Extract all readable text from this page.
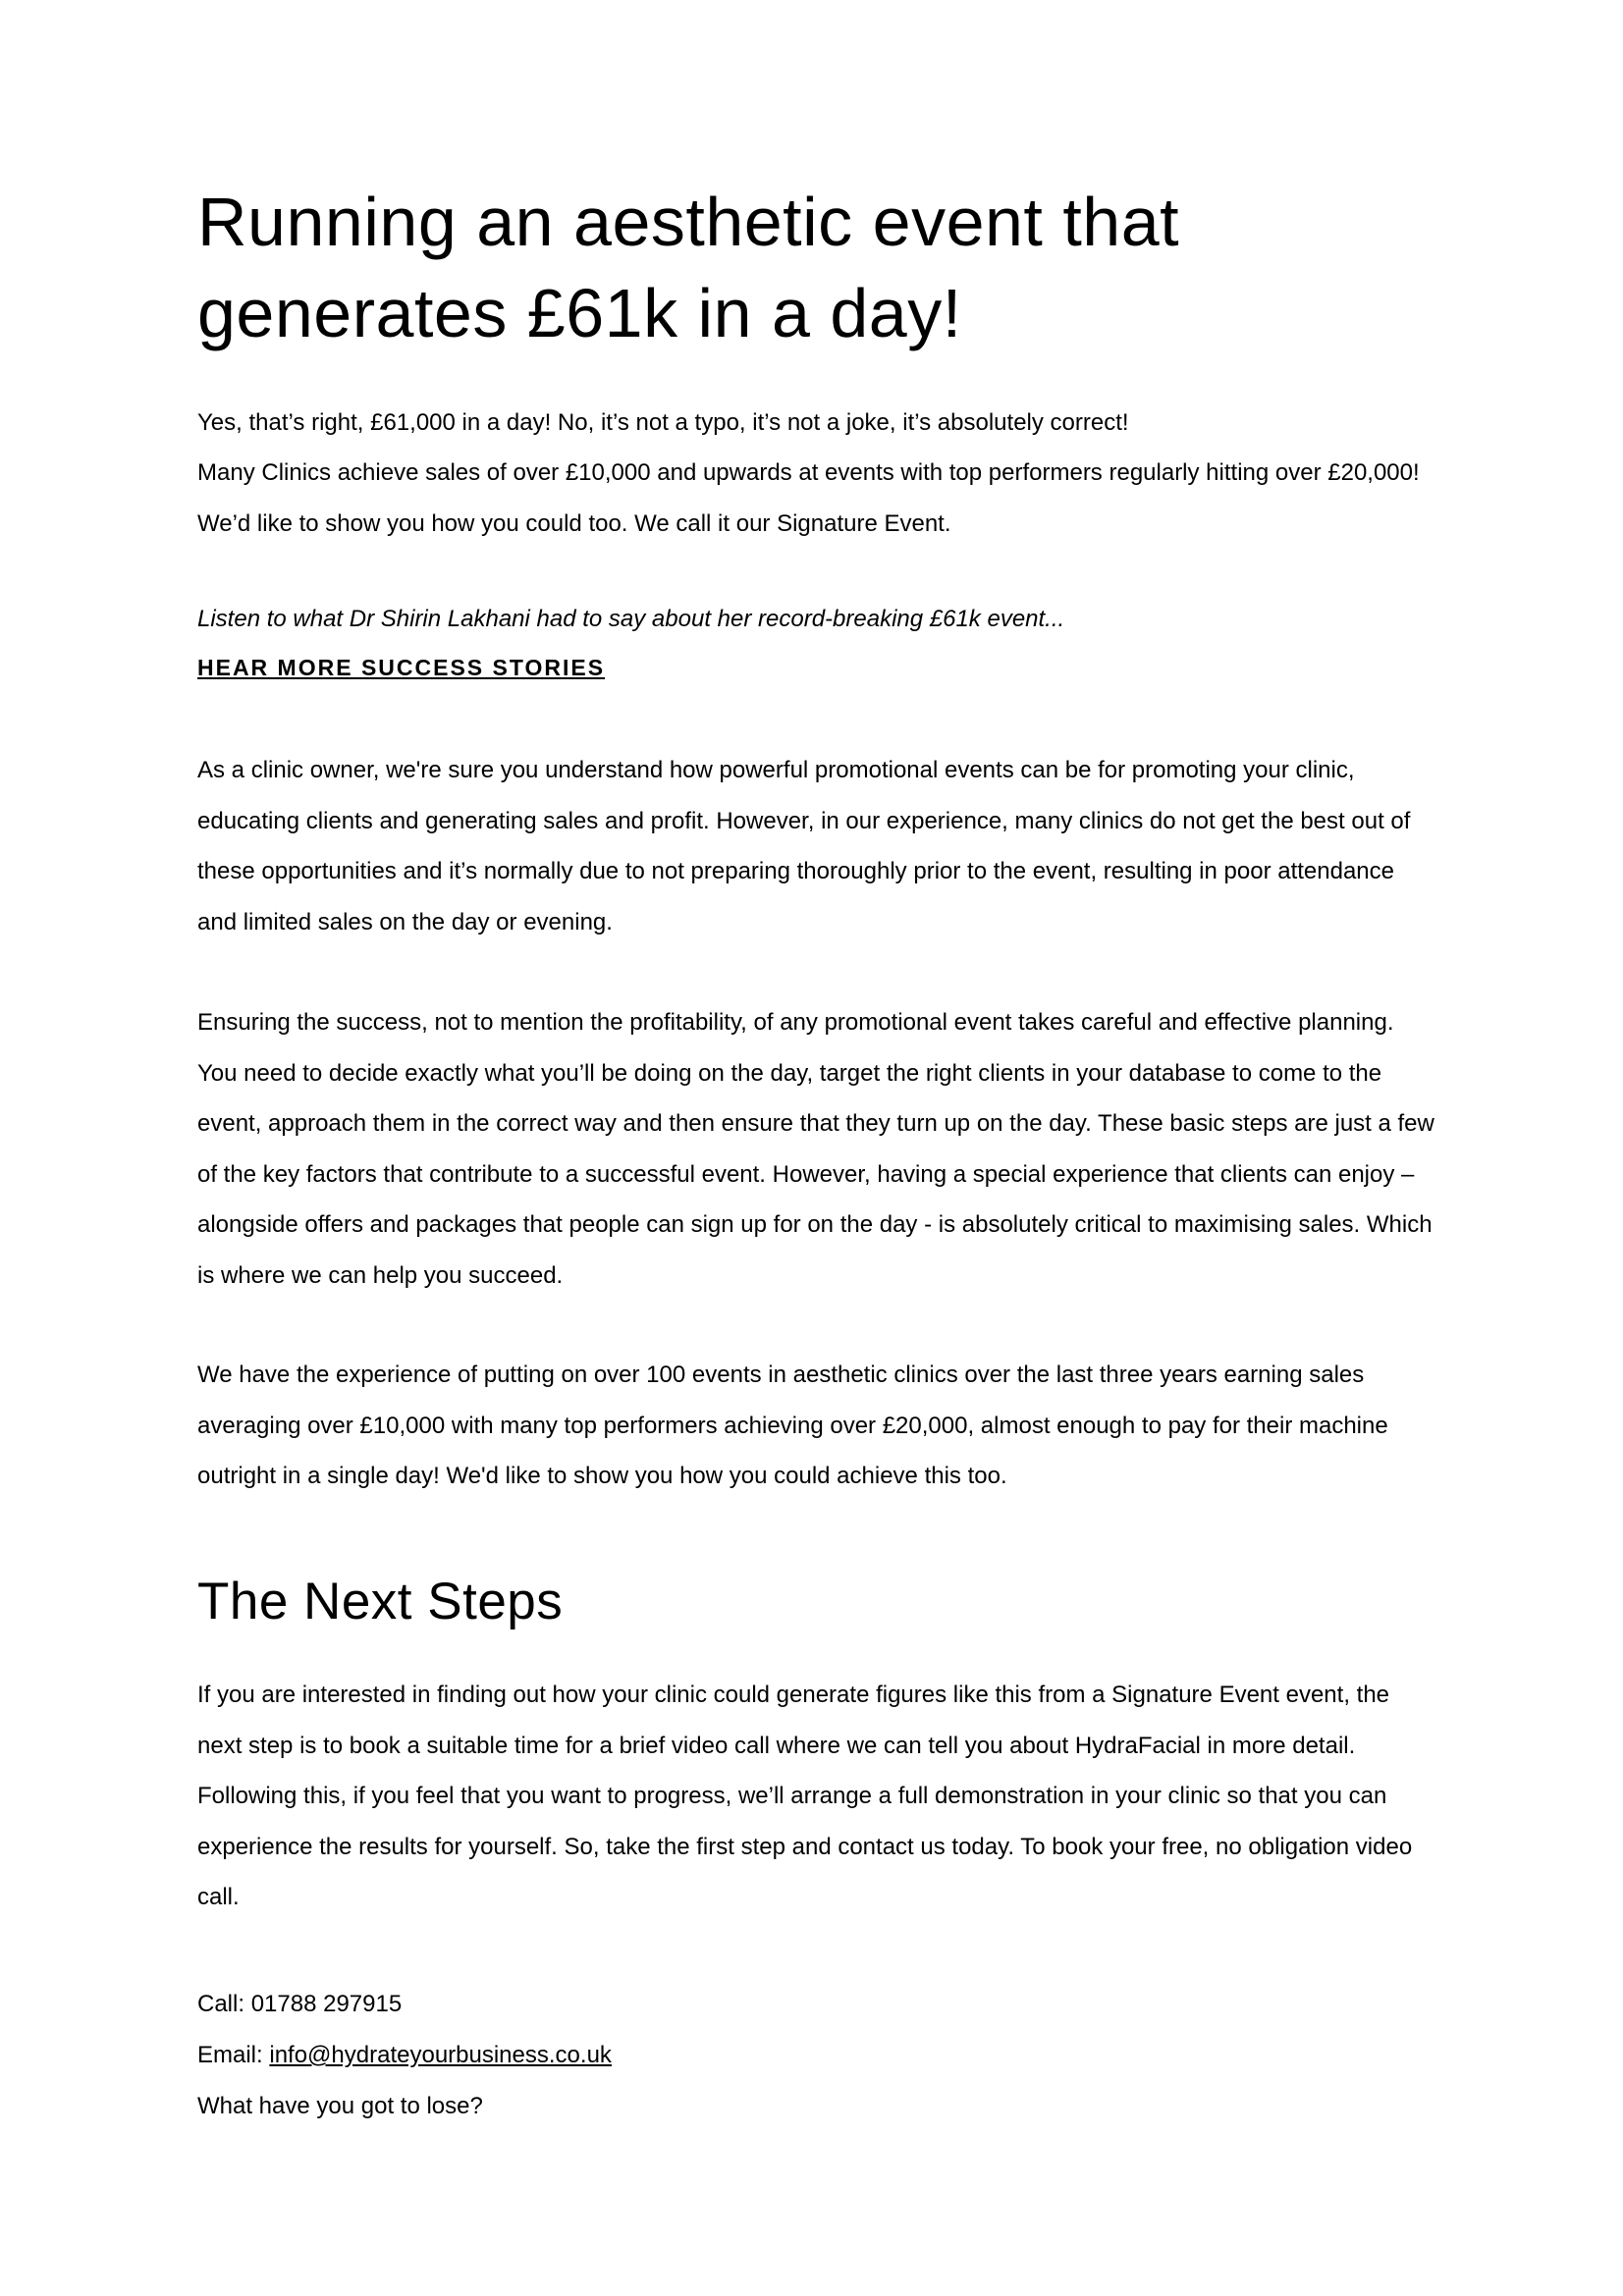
Running an aesthetic event that generates £61k in a day!

Yes, that’s right, £61,000 in a day! No, it’s not a typo, it’s not a joke, it’s absolutely correct!

Many Clinics achieve sales of over £10,000 and upwards at events with top performers regularly hitting over £20,000! We’d like to show you how you could too. We call it our Signature Event.

Listen to what Dr Shirin Lakhani had to say about her record-breaking £61k event...

HEAR MORE SUCCESS STORIES

As a clinic owner, we're sure you understand how powerful promotional events can be for promoting your clinic, educating clients and generating sales and profit. However, in our experience, many clinics do not get the best out of these opportunities and it’s normally due to not preparing thoroughly prior to the event, resulting in poor attendance and limited sales on the day or evening.

Ensuring the success, not to mention the profitability, of any promotional event takes careful and effective planning. You need to decide exactly what you’ll be doing on the day, target the right clients in your database to come to the event, approach them in the correct way and then ensure that they turn up on the day. These basic steps are just a few of the key factors that contribute to a successful event. However, having a special experience that clients can enjoy – alongside offers and packages that people can sign up for on the day - is absolutely critical to maximising sales. Which is where we can help you succeed.

We have the experience of putting on over 100 events in aesthetic clinics over the last three years earning sales averaging over £10,000 with many top performers achieving over £20,000, almost enough to pay for their machine outright in a single day! We'd like to show you how you could achieve this too.

The Next Steps

If you are interested in finding out how your clinic could generate figures like this from a Signature Event event, the next step is to book a suitable time for a brief video call where we can tell you about HydraFacial in more detail. Following this, if you feel that you want to progress, we’ll arrange a full demonstration in your clinic so that you can experience the results for yourself. So, take the first step and contact us today. To book your free, no obligation video call.

Call: 01788 297915

Email: info@hydrateyourbusiness.co.uk

What have you got to lose?
